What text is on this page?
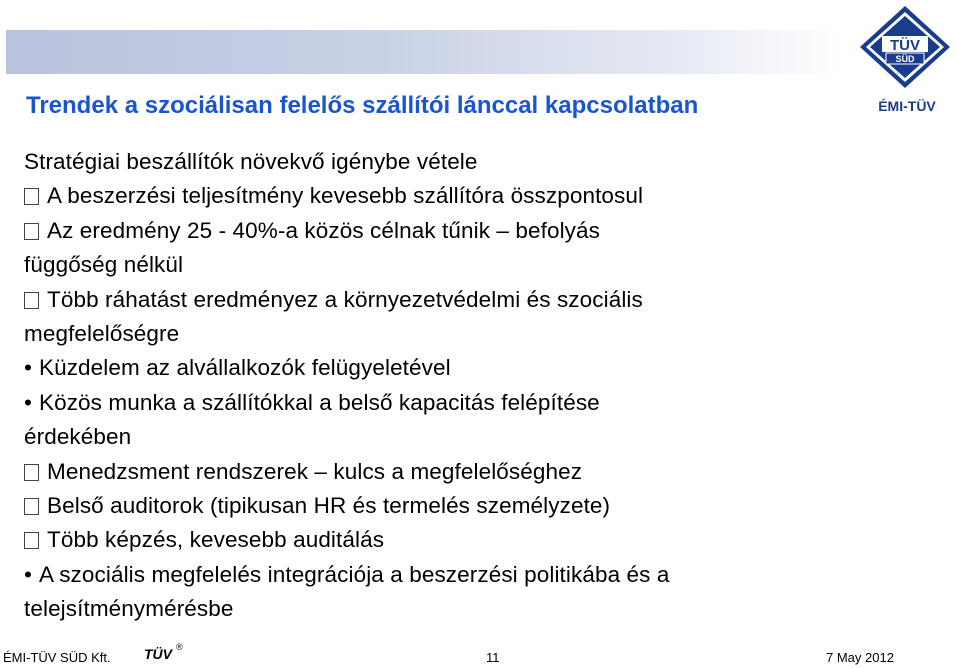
TÜV
SÜD
ÉMI-TÜV
Trendek a szociálisan felelős szállítói lánccal kapcsolatban
Stratégiai beszállítók növekvő igénybe vétele
A beszerzési teljesítmény kevesebb szállítóra összpontosul
Az eredmény 25 - 40%-a közös célnak tűnik – befolyás
függőség nélkül
Több ráhatást eredményez a környezetvédelmi és szociális
megfelelőségre
• Küzdelem az alvállalkozók felügyeletével
• Közös munka a szállítókkal a belső kapacitás felépítése
érdekében
Menedzsment rendszerek – kulcs a megfelelőséghez
Belső auditorok (tipikusan HR és termelés személyzete)
Több képzés, kevesebb auditálás
• A szociális megfelelés integrációja a beszerzési politikába és a
telejsítménymérésbe
ÉMI-TÜV SÜD Kft. TÜV ®
11	7 May 2012
